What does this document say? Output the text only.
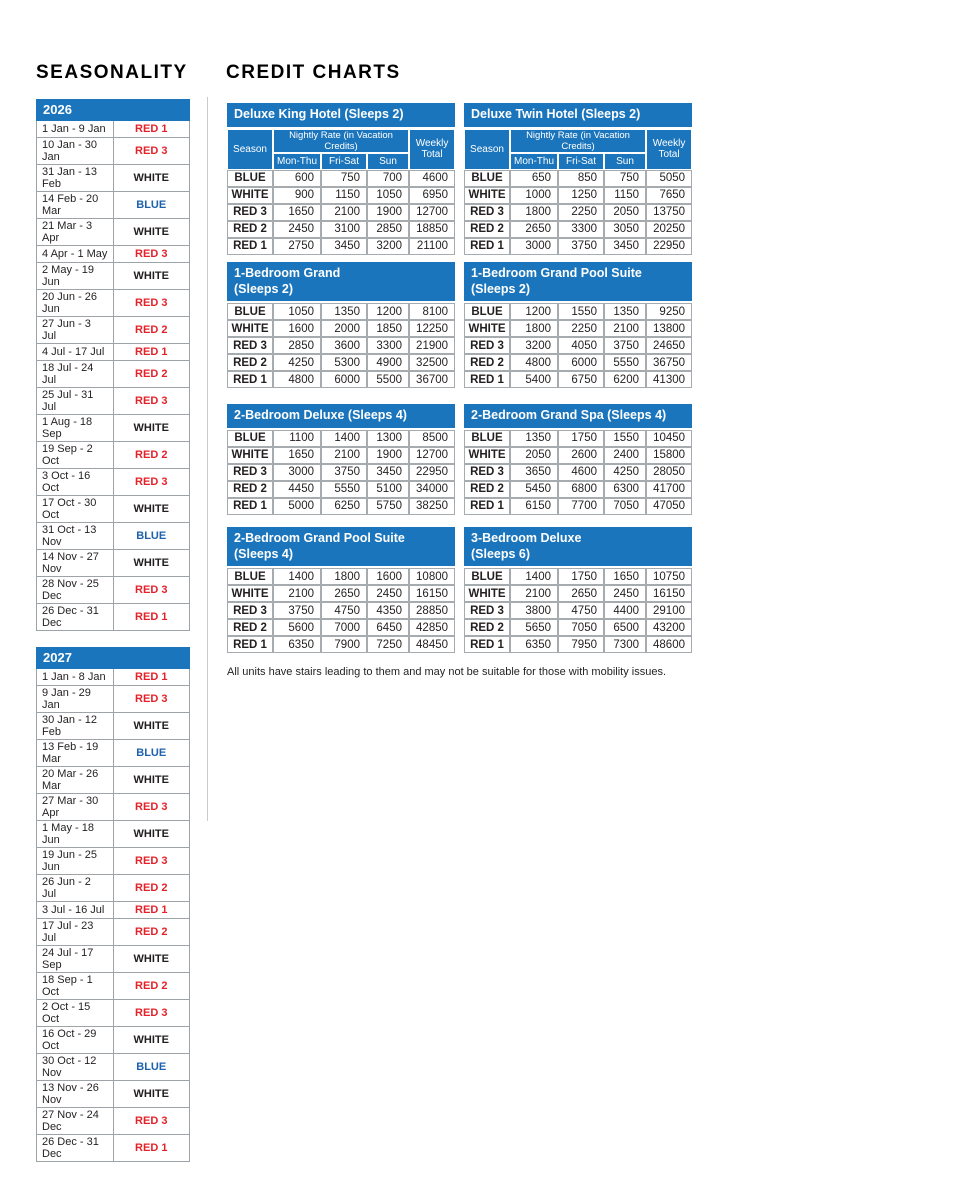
SEASONALITY CREDIT CHARTS
2026	
1 Jan - 9 Jan	RED 1
10 Jan - 30 Jan	RED 3
31 Jan - 13 Feb	WHITE
14 Feb - 20 Mar	BLUE
21 Mar - 3 Apr	WHITE
4 Apr - 1 May	RED 3
2 May - 19 Jun	WHITE
20 Jun - 26 Jun	RED 3
27 Jun - 3 Jul	RED 2
4 Jul - 17 Jul	RED 1
18 Jul - 24 Jul	RED 2
25 Jul - 31 Jul	RED 3
1 Aug - 18 Sep	WHITE
19 Sep - 2 Oct	RED 2
3 Oct - 16 Oct	RED 3
17 Oct - 30 Oct	WHITE
31 Oct - 13 Nov	BLUE
14 Nov - 27 Nov	WHITE
28 Nov - 25 Dec	RED 3
26 Dec - 31 Dec	RED 1
2027	
1 Jan - 8 Jan	RED 1
9 Jan - 29 Jan	RED 3
30 Jan - 12 Feb	WHITE
13 Feb - 19 Mar	BLUE
20 Mar - 26 Mar	WHITE
27 Mar - 30 Apr	RED 3
1 May - 18 Jun	WHITE
19 Jun - 25 Jun	RED 3
26 Jun - 2 Jul	RED 2
3 Jul - 16 Jul	RED 1
17 Jul - 23 Jul	RED 2
24 Jul - 17 Sep	WHITE
18 Sep - 1 Oct	RED 2
2 Oct - 15 Oct	RED 3
16 Oct - 29 Oct	WHITE
30 Oct - 12 Nov	BLUE
13 Nov - 26 Nov	WHITE
27 Nov - 24 Dec	RED 3
26 Dec - 31 Dec	RED 1
Deluxe King Hotel (Sleeps 2)				

Season	Nightly Rate (in Vacation Credits)			Weekly
Total

	Mon-Thu	Fri-Sat	Sun	
BLUE	600	750	700	4600
WHITE	900	1150	1050	6950
RED 3	1650	2100	1900	12700
RED 2	2450	3100	2850	18850
RED 1	2750	3450	3200	21100
Deluxe Twin Hotel (Sleeps 2)				

Season	Nightly Rate (in Vacation Credits)			Weekly
Total

	Mon-Thu	Fri-Sat	Sun	
BLUE	650	850	750	5050
WHITE	1000	1250	1150	7650
RED 3	1800	2250	2050	13750
RED 2	2650	3300	3050	20250
RED 1	3000	3750	3450	22950
1-Bedroom Grand
(Sleeps 2)				

BLUE	1050	1350	1200	8100
WHITE	1600	2000	1850	12250
RED 3	2850	3600	3300	21900
RED 2	4250	5300	4900	32500
RED 1	4800	6000	5500	36700
1-Bedroom Grand Pool Suite
(Sleeps 2)				

BLUE	1200	1550	1350	9250
WHITE	1800	2250	2100	13800
RED 3	3200	4050	3750	24650
RED 2	4800	6000	5550	36750
RED 1	5400	6750	6200	41300
2-Bedroom Deluxe (Sleeps 4)				

BLUE	1100	1400	1300	8500
WHITE	1650	2100	1900	12700
RED 3	3000	3750	3450	22950
RED 2	4450	5550	5100	34000
RED 1	5000	6250	5750	38250
2-Bedroom Grand Spa (Sleeps 4)				

BLUE	1350	1750	1550	10450
WHITE	2050	2600	2400	15800
RED 3	3650	4600	4250	28050
RED 2	5450	6800	6300	41700
RED 1	6150	7700	7050	47050
2-Bedroom Grand Pool Suite
(Sleeps 4)				

BLUE	1400	1800	1600	10800
WHITE	2100	2650	2450	16150
RED 3	3750	4750	4350	28850
RED 2	5600	7000	6450	42850
RED 1	6350	7900	7250	48450
3-Bedroom Deluxe
(Sleeps 6)				

BLUE	1400	1750	1650	10750
WHITE	2100	2650	2450	16150
RED 3	3800	4750	4400	29100
RED 2	5650	7050	6500	43200
RED 1	6350	7950	7300	48600

All units have stairs leading to them and may not be suitable for those with mobility issues.
